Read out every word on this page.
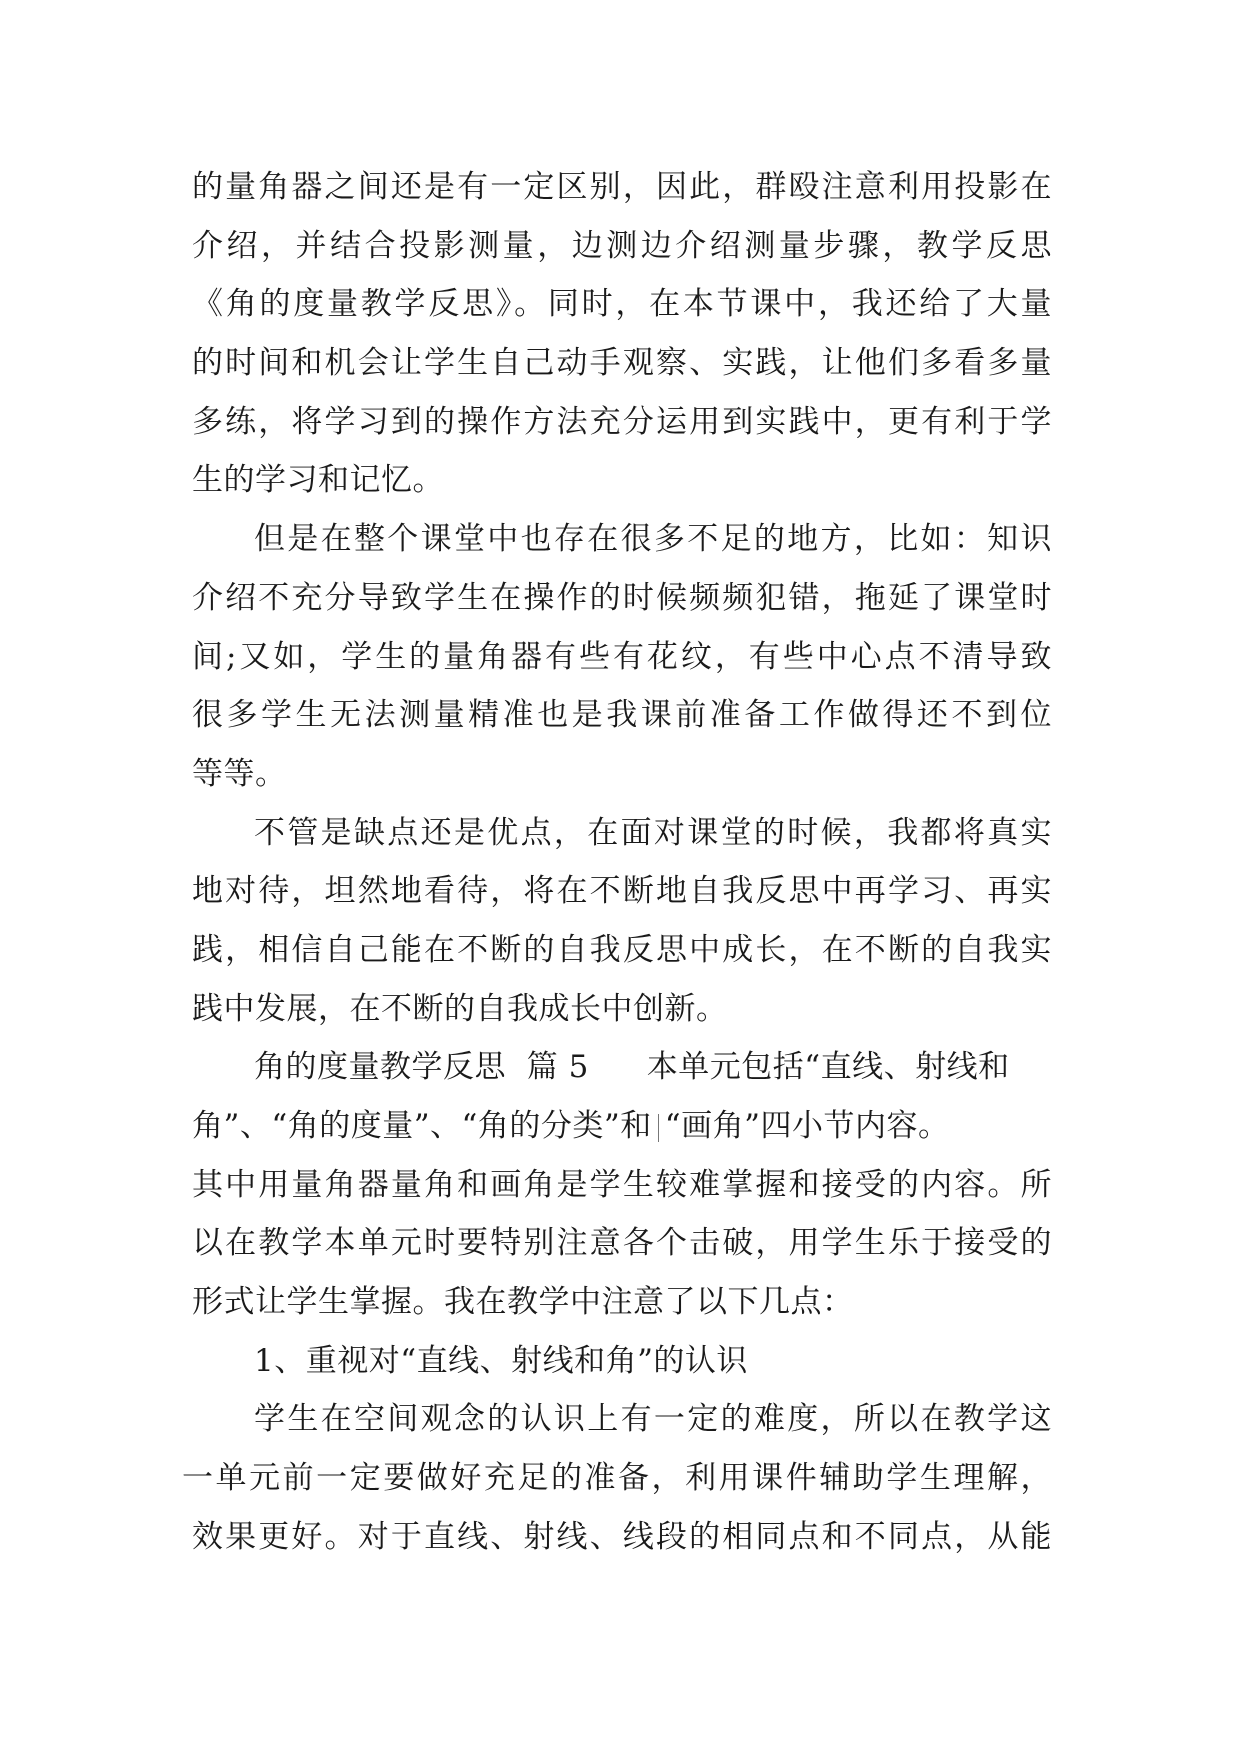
的量角器之间还是有一定区别，因此，群殴注意利用投影在
介绍，并结合投影测量，边测边介绍测量步骤，教学反思
《角的度量教学反思》。同时，在本节课中，我还给了大量
的时间和机会让学生自己动手观察、实践，让他们多看多量
多练，将学习到的操作方法充分运用到实践中，更有利于学
生的学习和记忆。
但是在整个课堂中也存在很多不足的地方，比如：知识
介绍不充分导致学生在操作的时候频频犯错，拖延了课堂时
间;又如，学生的量角器有些有花纹，有些中心点不清导致
很多学生无法测量精准也是我课前准备工作做得还不到位
等等。
不管是缺点还是优点，在面对课堂的时候，我都将真实
地对待，坦然地看待，将在不断地自我反思中再学习、再实
践，相信自己能在不断的自我反思中成长，在不断的自我实
践中发展，在不断的自我成长中创新。
角的度量教学反思 篇 5 本单元包括“直线、射线和
角”、“角的度量”、“角的分类”和 “画角”四小节内容。
其中用量角器量角和画角是学生较难掌握和接受的内容。所
以在教学本单元时要特别注意各个击破，用学生乐于接受的
形式让学生掌握。我在教学中注意了以下几点：
1、重视对“直线、射线和角”的认识
学生在空间观念的认识上有一定的难度，所以在教学这
一单元前一定要做好充足的准备，利用课件辅助学生理解，
效果更好。对于直线、射线、线段的相同点和不同点，从能
